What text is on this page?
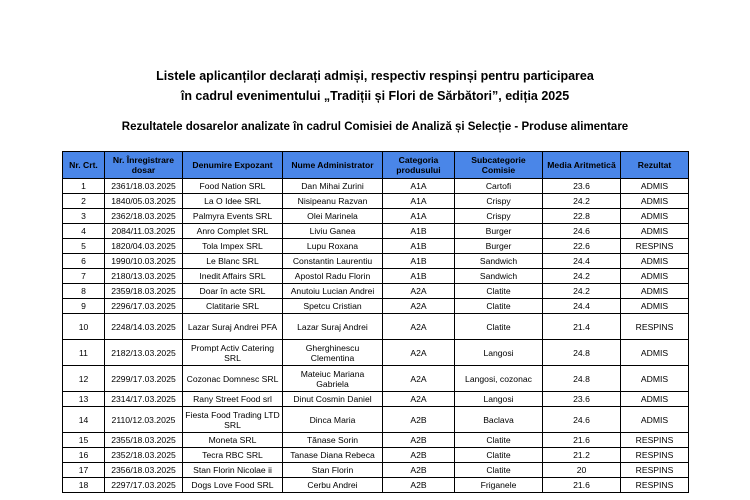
Listele aplicanților declarați admiși, respectiv respinși pentru participarea
în cadrul evenimentului „Tradiții și Flori de Sărbători”, ediția 2025
Rezultatele dosarelor analizate în cadrul Comisiei de Analiză și Selecție - Produse alimentare
Nr. Crt.	Nr. Înregistrare dosar	Denumire Expozant	Nume Administrator	Categoria produsului	Subcategorie Comisie	Media Aritmetică	Rezultat
1	2361/18.03.2025	Food Nation SRL	Dan Mihai Zurini	A1A	Cartofi	23.6	ADMIS
2	1840/05.03.2025	La O Idee SRL	Nisipeanu Razvan	A1A	Crispy	24.2	ADMIS
3	2362/18.03.2025	Palmyra Events SRL	Olei Marinela	A1A	Crispy	22.8	ADMIS
4	2084/11.03.2025	Anro Complet SRL	Liviu Ganea	A1B	Burger	24.6	ADMIS
5	1820/04.03.2025	Tola Impex SRL	Lupu Roxana	A1B	Burger	22.6	RESPINS
6	1990/10.03.2025	Le Blanc SRL	Constantin Laurentiu	A1B	Sandwich	24.4	ADMIS
7	2180/13.03.2025	Inedit Affairs SRL	Apostol Radu Florin	A1B	Sandwich	24.2	ADMIS
8	2359/18.03.2025	Doar în acte SRL	Anutoiu Lucian Andrei	A2A	Clatite	24.2	ADMIS
9	2296/17.03.2025	Clatitarie SRL	Spetcu Cristian	A2A	Clatite	24.4	ADMIS
10	2248/14.03.2025	Lazar Suraj Andrei PFA	Lazar Suraj Andrei	A2A	Clatite	21.4	RESPINS
11	2182/13.03.2025	Prompt Activ Catering SRL	Gherghinescu Clementina	A2A	Langosi	24.8	ADMIS
12	2299/17.03.2025	Cozonac Domnesc SRL	Mateiuc Mariana Gabriela	A2A	Langosi, cozonac	24.8	ADMIS
13	2314/17.03.2025	Rany Street Food srl	Dinut Cosmin Daniel	A2A	Langosi	23.6	ADMIS
14	2110/12.03.2025	Fiesta Food Trading LTD SRL	Dinca Maria	A2B	Baclava	24.6	ADMIS
15	2355/18.03.2025	Moneta SRL	Tănase Sorin	A2B	Clatite	21.6	RESPINS
16	2352/18.03.2025	Tecra RBC SRL	Tanase Diana Rebeca	A2B	Clatite	21.2	RESPINS
17	2356/18.03.2025	Stan Florin Nicolae ii	Stan Florin	A2B	Clatite	20	RESPINS
18	2297/17.03.2025	Dogs Love Food SRL	Cerbu Andrei	A2B	Friganele	21.6	RESPINS
